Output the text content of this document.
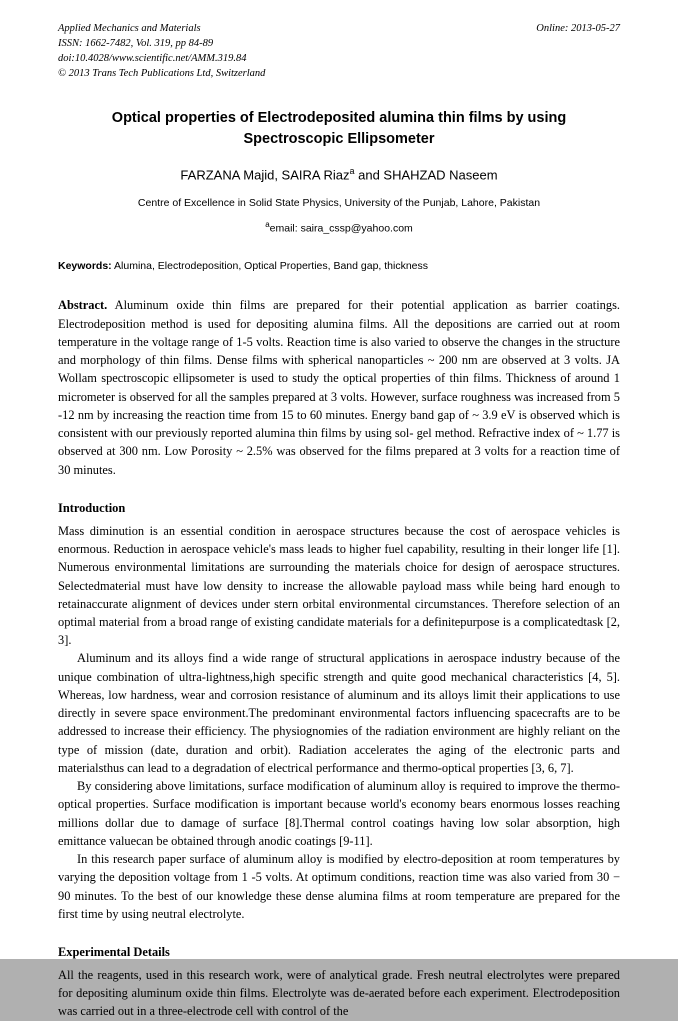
Applied Mechanics and Materials
ISSN: 1662-7482, Vol. 319, pp 84-89
doi:10.4028/www.scientific.net/AMM.319.84
© 2013 Trans Tech Publications Ltd, Switzerland
Online: 2013-05-27
Optical properties of Electrodeposited alumina thin films by using Spectroscopic Ellipsometer
FARZANA Majid, SAIRA Riaz$^a$ and SHAHZAD Naseem
Centre of Excellence in Solid State Physics, University of the Punjab, Lahore, Pakistan
$^a$email: saira_cssp@yahoo.com
Keywords: Alumina, Electrodeposition, Optical Properties, Band gap, thickness
Abstract. Aluminum oxide thin films are prepared for their potential application as barrier coatings. Electrodeposition method is used for depositing alumina films. All the depositions are carried out at room temperature in the voltage range of 1-5 volts. Reaction time is also varied to observe the changes in the structure and morphology of thin films. Dense films with spherical nanoparticles ~ 200 nm are observed at 3 volts. JA Wollam spectroscopic ellipsometer is used to study the optical properties of thin films. Thickness of around 1 micrometer is observed for all the samples prepared at 3 volts. However, surface roughness was increased from 5 -12 nm by increasing the reaction time from 15 to 60 minutes. Energy band gap of ~ 3.9 eV is observed which is consistent with our previously reported alumina thin films by using sol- gel method. Refractive index of ~ 1.77 is observed at 300 nm. Low Porosity ~ 2.5% was observed for the films prepared at 3 volts for a reaction time of 30 minutes.
Introduction

Mass diminution is an essential condition in aerospace structures because the cost of aerospace vehicles is enormous. Reduction in aerospace vehicle's mass leads to higher fuel capability, resulting in their longer life [1]. Numerous environmental limitations are surrounding the materials choice for design of aerospace structures. Selectedmaterial must have low density to increase the allowable payload mass while being hard enough to retainaccurate alignment of devices under stern orbital environmental circumstances. Therefore selection of an optimal material from a broad range of existing candidate materials for a definitepurpose is a complicatedtask [2, 3].

Aluminum and its alloys find a wide range of structural applications in aerospace industry because of the unique combination of ultra-lightness,high specific strength and quite good mechanical characteristics [4, 5]. Whereas, low hardness, wear and corrosion resistance of aluminum and its alloys limit their applications to use directly in severe space environment.The predominant environmental factors influencing spacecrafts are to be addressed to increase their efficiency. The physiognomies of the radiation environment are highly reliant on the type of mission (date, duration and orbit). Radiation accelerates the aging of the electronic parts and materialsthus can lead to a degradation of electrical performance and thermo-optical properties [3, 6, 7].

By considering above limitations, surface modification of aluminum alloy is required to improve the thermo-optical properties. Surface modification is important because world's economy bears enormous losses reaching millions dollar due to damage of surface [8].Thermal control coatings having low solar absorption, high emittance valuecan be obtained through anodic coatings [9-11].

In this research paper surface of aluminum alloy is modified by electro-deposition at room temperatures by varying the deposition voltage from 1 -5 volts. At optimum conditions, reaction time was also varied from 30 − 90 minutes. To the best of our knowledge these dense alumina films at room temperature are prepared for the first time by using neutral electrolyte.

Experimental Details

All the reagents, used in this research work, were of analytical grade. Fresh neutral electrolytes were prepared for depositing aluminum oxide thin films. Electrolyte was de-aerated before each experiment. Electrodeposition was carried out in a three-electrode cell with control of the
